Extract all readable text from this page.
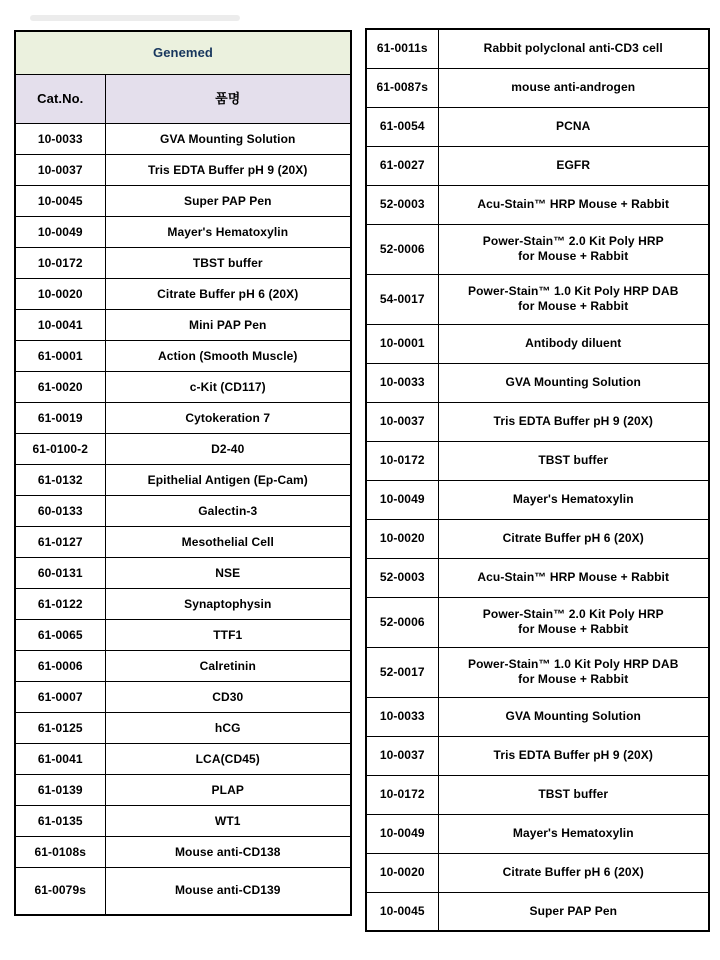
Genemed	
Cat.No.	품명
10-0033	GVA Mounting Solution
10-0037	Tris EDTA Buffer pH 9 (20X)
10-0045	Super PAP Pen
10-0049	Mayer's Hematoxylin
10-0172	TBST buffer
10-0020	Citrate Buffer pH 6 (20X)
10-0041	Mini PAP Pen
61-0001	Action (Smooth Muscle)
61-0020	c-Kit (CD117)
61-0019	Cytokeration 7
61-0100-2	D2-40
61-0132	Epithelial Antigen (Ep-Cam)
60-0133	Galectin-3
61-0127	Mesothelial Cell
60-0131	NSE
61-0122	Synaptophysin
61-0065	TTF1
61-0006	Calretinin
61-0007	CD30
61-0125	hCG
61-0041	LCA(CD45)
61-0139	PLAP
61-0135	WT1
61-0108s	Mouse anti-CD138
61-0079s	Mouse anti-CD139
61-0011s	Rabbit polyclonal anti-CD3 cell
61-0087s	mouse anti-androgen
61-0054	PCNA
61-0027	EGFR
52-0003	Acu-Stain™ HRP Mouse + Rabbit
52-0006	Power-Stain™ 2.0 Kit Poly HRP
for Mouse + Rabbit
54-0017	Power-Stain™ 1.0 Kit Poly HRP DAB
for Mouse + Rabbit
10-0001	Antibody diluent
10-0033	GVA Mounting Solution
10-0037	Tris EDTA Buffer pH 9 (20X)
10-0172	TBST buffer
10-0049	Mayer's Hematoxylin
10-0020	Citrate Buffer pH 6 (20X)
52-0003	Acu-Stain™ HRP Mouse + Rabbit
52-0006	Power-Stain™ 2.0 Kit Poly HRP
for Mouse + Rabbit
52-0017	Power-Stain™ 1.0 Kit Poly HRP DAB
for Mouse + Rabbit
10-0033	GVA Mounting Solution
10-0037	Tris EDTA Buffer pH 9 (20X)
10-0172	TBST buffer
10-0049	Mayer's Hematoxylin
10-0020	Citrate Buffer pH 6 (20X)
10-0045	Super PAP Pen
